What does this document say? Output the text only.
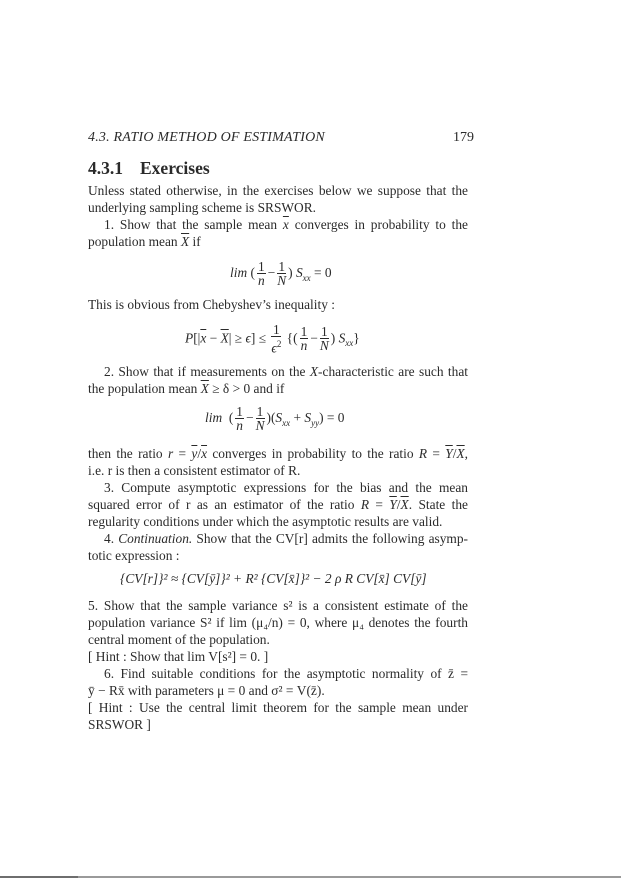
4.3. RATIO METHOD OF ESTIMATION	179
4.3.1 Exercises
Unless stated otherwise, in the exercises below we suppose that the
underlying sampling scheme is SRSWOR.
1. Show that the sample mean $\overline{x}$ converges in probability to the
population mean $\overline{X}$ if
lim ( $\frac{1}{n} - \frac{1}{N}$ ) $S_{xx} = 0$
This is obvious from Chebyshev’s inequality :
$P[|\overline{x} - \overline{X}| \ge \epsilon] \le \frac{1}{\epsilon^2}$ {( $\frac{1}{n} - \frac{1}{N}$ ) $S_{xx}$}
2. Show that if measurements on the X-characteristic are such that
the population mean $\overline{X} \ge \delta > 0$ and if
lim ( $\frac{1}{n} - \frac{1}{N} )(S_{xx} + S_{yy}) = 0$
then the ratio $r = \overline{y}/\overline{x}$ converges in probability to the ratio $R = \overline{Y}/\overline{X}$,
i.e. r is then a consistent estimator of R.
3. Compute asymptotic expressions for the bias and the mean
squared error of r as an estimator of the ratio $R = \overline{Y}/\overline{X}$. State the
regularity conditions under which the asymptotic results are valid.
4. Continuation. Show that the CV[r] admits the following asymp-
totic expression :
{CV[r]}² ≈ {CV[ȳ]}² + R² {CV[x̄]}² − 2 ρ R CV[x̄] CV[ȳ]
5. Show that the sample variance s² is a consistent estimate of the
population variance S² if lim (μ₄/n) = 0, where μ₄ denotes the fourth
central moment of the population.
[ Hint : Show that lim V[s²] = 0. ]
6. Find suitable conditions for the asymptotic normality of z̄ =
ȳ − Rx̄ with parameters μ = 0 and σ² = V(z̄).
[ Hint : Use the central limit theorem for the sample mean under
SRSWOR ]
